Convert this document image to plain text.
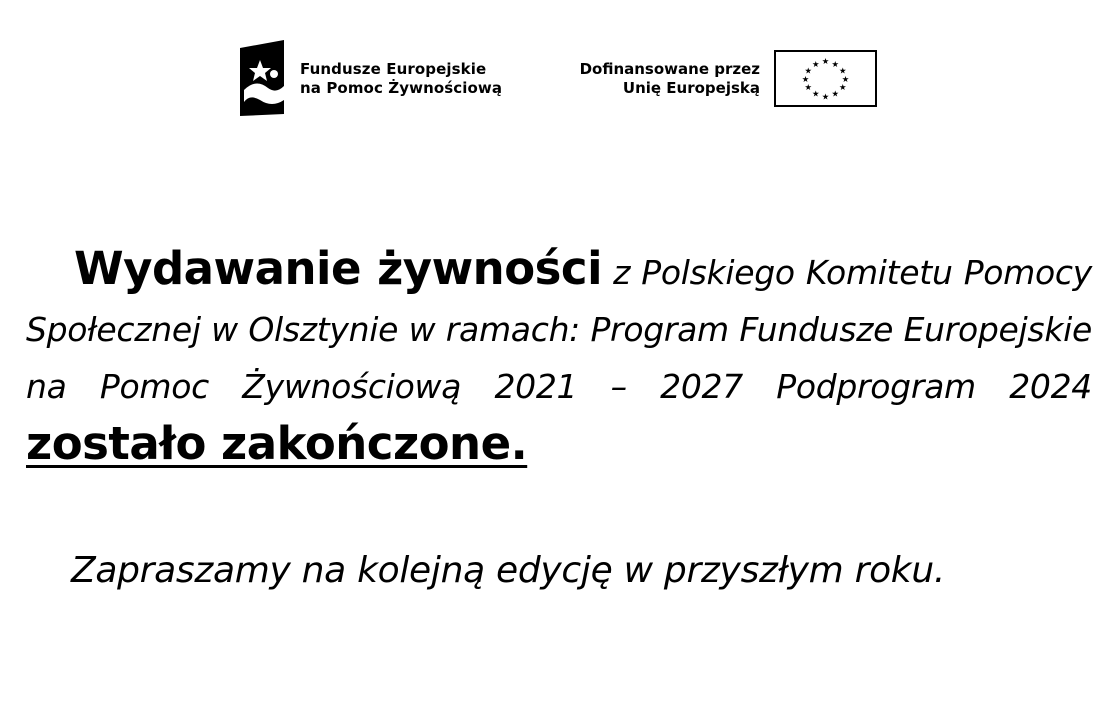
Fundusze Europejskie
na Pomoc Żywnościową
Dofinansowane przez
Unię Europejską
★ ★
★
★
★
★
★
★
★
★
★
★
Wydawanie żywności z Polskiego Komitetu Pomocy Społecznej w Olsztynie w ramach: Program Fundusze Europejskie na Pomoc Żywnościową 2021 – 2027 Podprogram 2024 zostało zakończone.
Zapraszamy na kolejną edycję w przyszłym roku.
